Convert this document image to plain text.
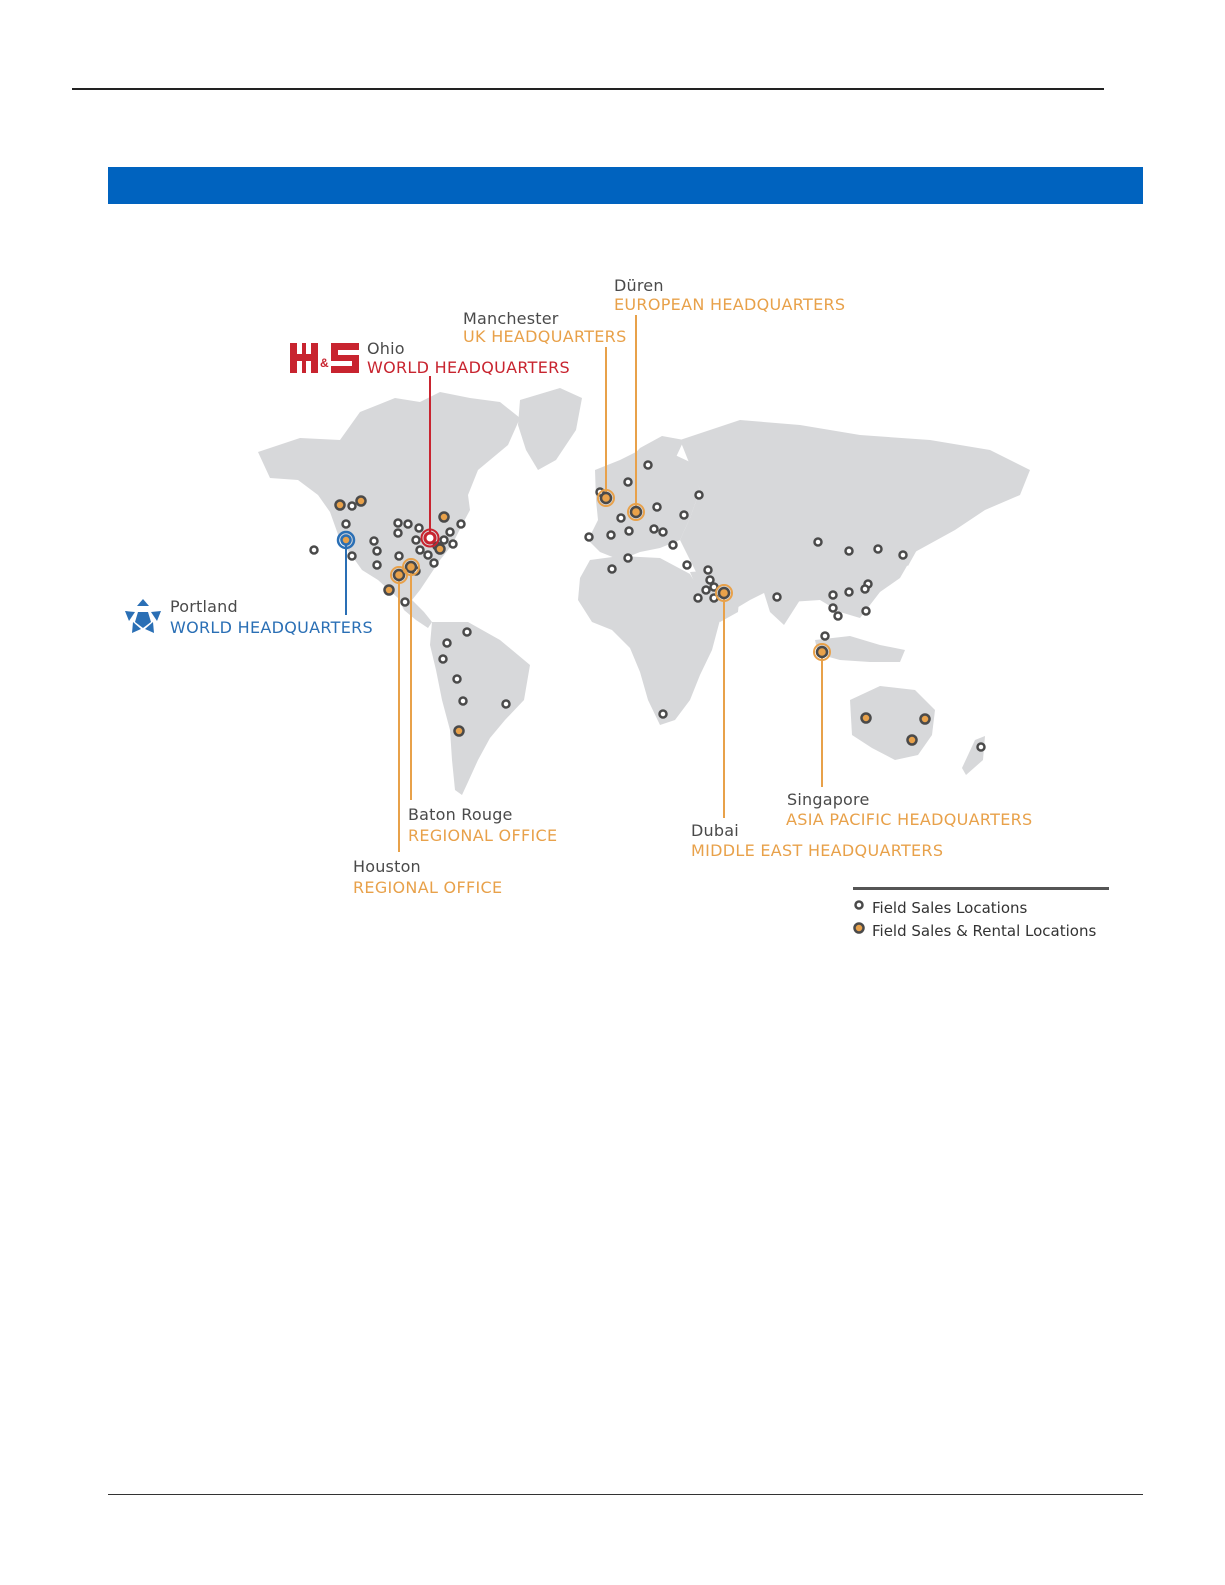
&
Ohio
WORLD HEADQUARTERS
Portland
WORLD HEADQUARTERS
Manchester
UK HEADQUARTERS
Düren
EUROPEAN HEADQUARTERS
Baton Rouge
REGIONAL OFFICE
Houston
REGIONAL OFFICE
Dubai
MIDDLE EAST HEADQUARTERS
Singapore
ASIA PACIFIC HEADQUARTERS
Field Sales Locations
Field Sales & Rental Locations
